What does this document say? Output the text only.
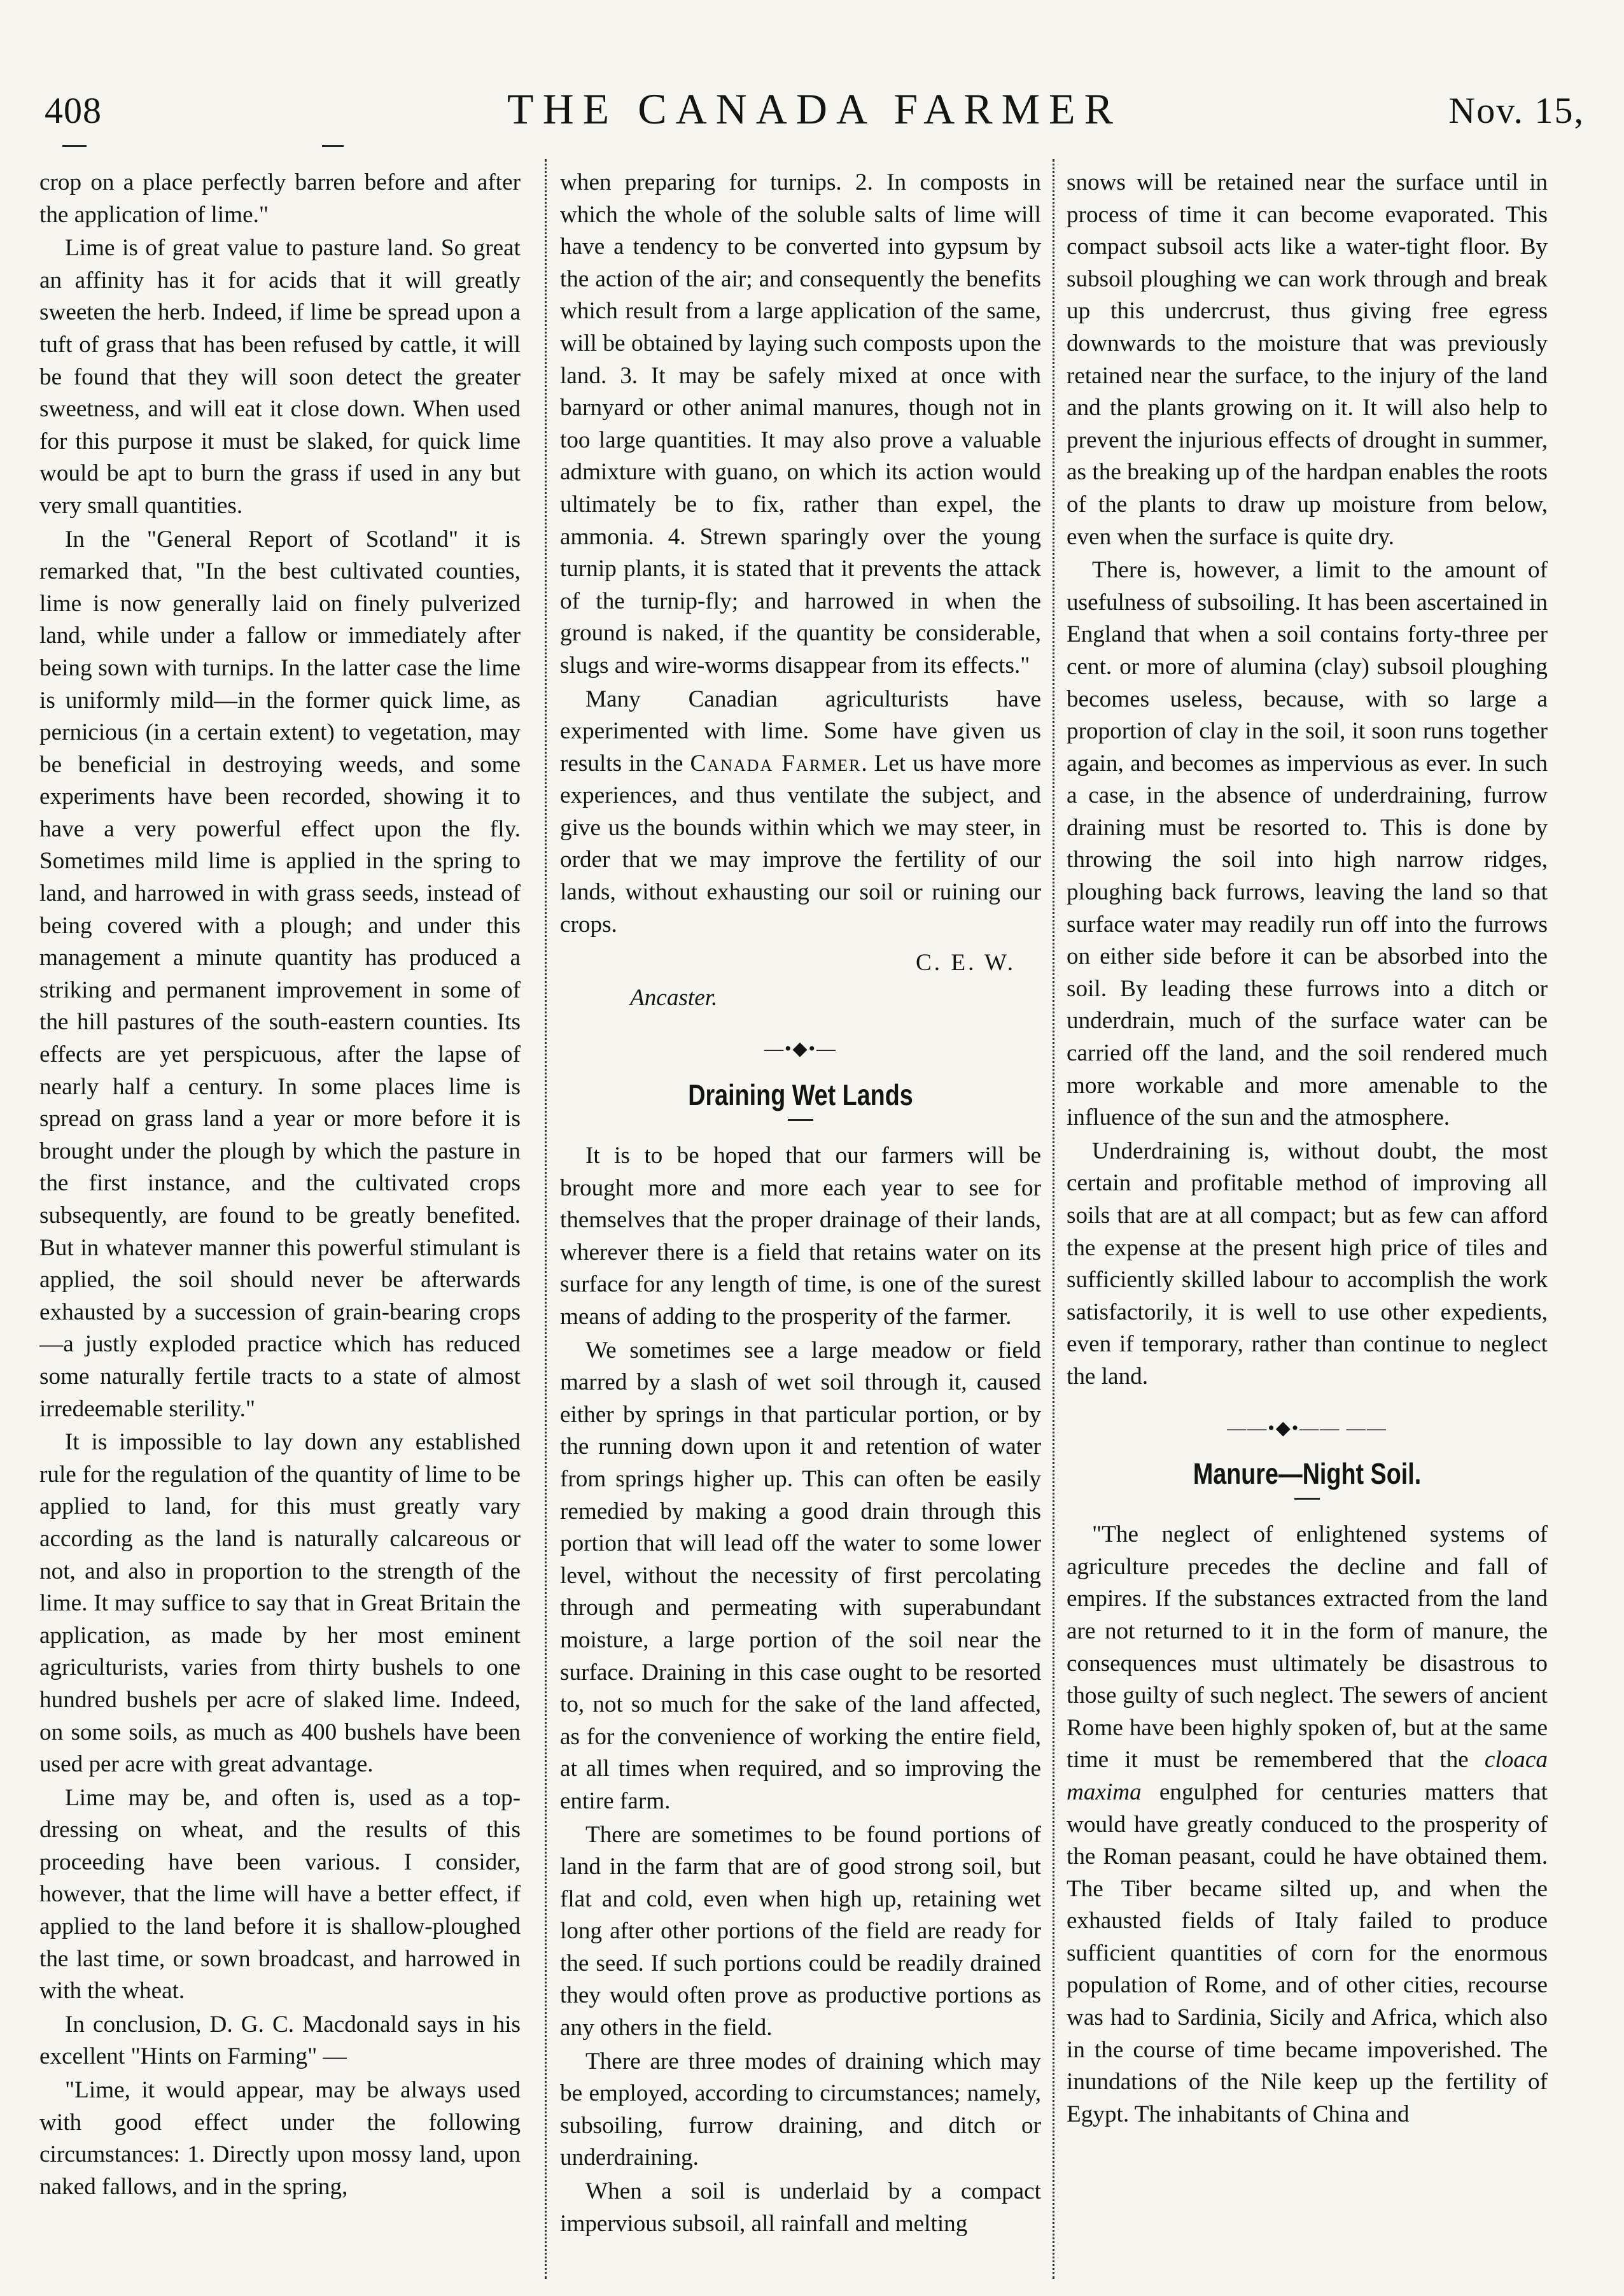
408	THE CANADA FARMER	Nov. 15,

crop on a place perfectly barren before and after the application of lime."

Lime is of great value to pasture land. So great an affinity has it for acids that it will greatly sweeten the herb. Indeed, if lime be spread upon a tuft of grass that has been refused by cattle, it will be found that they will soon detect the greater sweetness, and will eat it close down. When used for this purpose it must be slaked, for quick lime would be apt to burn the grass if used in any but very small quantities.

In the "General Report of Scotland" it is remarked that, "In the best cultivated counties, lime is now generally laid on finely pulverized land, while under a fallow or immediately after being sown with turnips. In the latter case the lime is uniformly mild—in the former quick lime, as pernicious (in a certain extent) to vegetation, may be beneficial in destroying weeds, and some experiments have been recorded, showing it to have a very powerful effect upon the fly. Sometimes mild lime is applied in the spring to land, and harrowed in with grass seeds, instead of being covered with a plough; and under this management a minute quantity has produced a striking and permanent improvement in some of the hill pastures of the south-eastern counties. Its effects are yet perspicuous, after the lapse of nearly half a century. In some places lime is spread on grass land a year or more before it is brought under the plough by which the pasture in the first instance, and the cultivated crops subsequently, are found to be greatly benefited. But in whatever manner this powerful stimulant is applied, the soil should never be afterwards exhausted by a succession of grain-bearing crops—a justly exploded practice which has reduced some naturally fertile tracts to a state of almost irredeemable sterility."

It is impossible to lay down any established rule for the regulation of the quantity of lime to be applied to land, for this must greatly vary according as the land is naturally calcareous or not, and also in proportion to the strength of the lime. It may suffice to say that in Great Britain the application, as made by her most eminent agriculturists, varies from thirty bushels to one hundred bushels per acre of slaked lime. Indeed, on some soils, as much as 400 bushels have been used per acre with great advantage.

Lime may be, and often is, used as a top-dressing on wheat, and the results of this proceeding have been various. I consider, however, that the lime will have a better effect, if applied to the land before it is shallow-ploughed the last time, or sown broadcast, and harrowed in with the wheat.

In conclusion, D. G. C. Macdonald says in his excellent "Hints on Farming" —

"Lime, it would appear, may be always used with good effect under the following circumstances: 1. Directly upon mossy land, upon naked fallows, and in the spring,

when preparing for turnips. 2. In composts in which the whole of the soluble salts of lime will have a tendency to be converted into gypsum by the action of the air; and consequently the benefits which result from a large application of the same, will be obtained by laying such composts upon the land. 3. It may be safely mixed at once with barnyard or other animal manures, though not in too large quantities. It may also prove a valuable admixture with guano, on which its action would ultimately be to fix, rather than expel, the ammonia. 4. Strewn sparingly over the young turnip plants, it is stated that it prevents the attack of the turnip-fly; and harrowed in when the ground is naked, if the quantity be considerable, slugs and wire-worms disappear from its effects."

Many Canadian agriculturists have experimented with lime. Some have given us results in the Canada Farmer. Let us have more experiences, and thus ventilate the subject, and give us the bounds within which we may steer, in order that we may improve the fertility of our lands, without exhausting our soil or ruining our crops.

C. E. W.
Ancaster.
―•◆•―
Draining Wet Lands

It is to be hoped that our farmers will be brought more and more each year to see for themselves that the proper drainage of their lands, wherever there is a field that retains water on its surface for any length of time, is one of the surest means of adding to the prosperity of the farmer.

We sometimes see a large meadow or field marred by a slash of wet soil through it, caused either by springs in that particular portion, or by the running down upon it and retention of water from springs higher up. This can often be easily remedied by making a good drain through this portion that will lead off the water to some lower level, without the necessity of first percolating through and permeating with superabundant moisture, a large portion of the soil near the surface. Draining in this case ought to be resorted to, not so much for the sake of the land affected, as for the convenience of working the entire field, at all times when required, and so improving the entire farm.

There are sometimes to be found portions of land in the farm that are of good strong soil, but flat and cold, even when high up, retaining wet long after other portions of the field are ready for the seed. If such portions could be readily drained they would often prove as productive portions as any others in the field.

There are three modes of draining which may be employed, according to circumstances; namely, subsoiling, furrow draining, and ditch or underdraining.

When a soil is underlaid by a compact impervious subsoil, all rainfall and melting

snows will be retained near the surface until in process of time it can become evaporated. This compact subsoil acts like a water-tight floor. By subsoil ploughing we can work through and break up this undercrust, thus giving free egress downwards to the moisture that was previously retained near the surface, to the injury of the land and the plants growing on it. It will also help to prevent the injurious effects of drought in summer, as the breaking up of the hardpan enables the roots of the plants to draw up moisture from below, even when the surface is quite dry.

There is, however, a limit to the amount of usefulness of subsoiling. It has been ascertained in England that when a soil contains forty-three per cent. or more of alumina (clay) subsoil ploughing becomes useless, because, with so large a proportion of clay in the soil, it soon runs together again, and becomes as impervious as ever. In such a case, in the absence of underdraining, furrow draining must be resorted to. This is done by throwing the soil into high narrow ridges, ploughing back furrows, leaving the land so that surface water may readily run off into the furrows on either side before it can be absorbed into the soil. By leading these furrows into a ditch or underdrain, much of the surface water can be carried off the land, and the soil rendered much more workable and more amenable to the influence of the sun and the atmosphere.

Underdraining is, without doubt, the most certain and profitable method of improving all soils that are at all compact; but as few can afford the expense at the present high price of tiles and sufficiently skilled labour to accomplish the work satisfactorily, it is well to use other expedients, even if temporary, rather than continue to neglect the land.

――•◆•―― ――
Manure—Night Soil.

"The neglect of enlightened systems of agriculture precedes the decline and fall of empires. If the substances extracted from the land are not returned to it in the form of manure, the consequences must ultimately be disastrous to those guilty of such neglect. The sewers of ancient Rome have been highly spoken of, but at the same time it must be remembered that the cloaca maxima engulphed for centuries matters that would have greatly conduced to the prosperity of the Roman peasant, could he have obtained them. The Tiber became silted up, and when the exhausted fields of Italy failed to produce sufficient quantities of corn for the enormous population of Rome, and of other cities, recourse was had to Sardinia, Sicily and Africa, which also in the course of time became impoverished. The inundations of the Nile keep up the fertility of Egypt. The inhabitants of China and
